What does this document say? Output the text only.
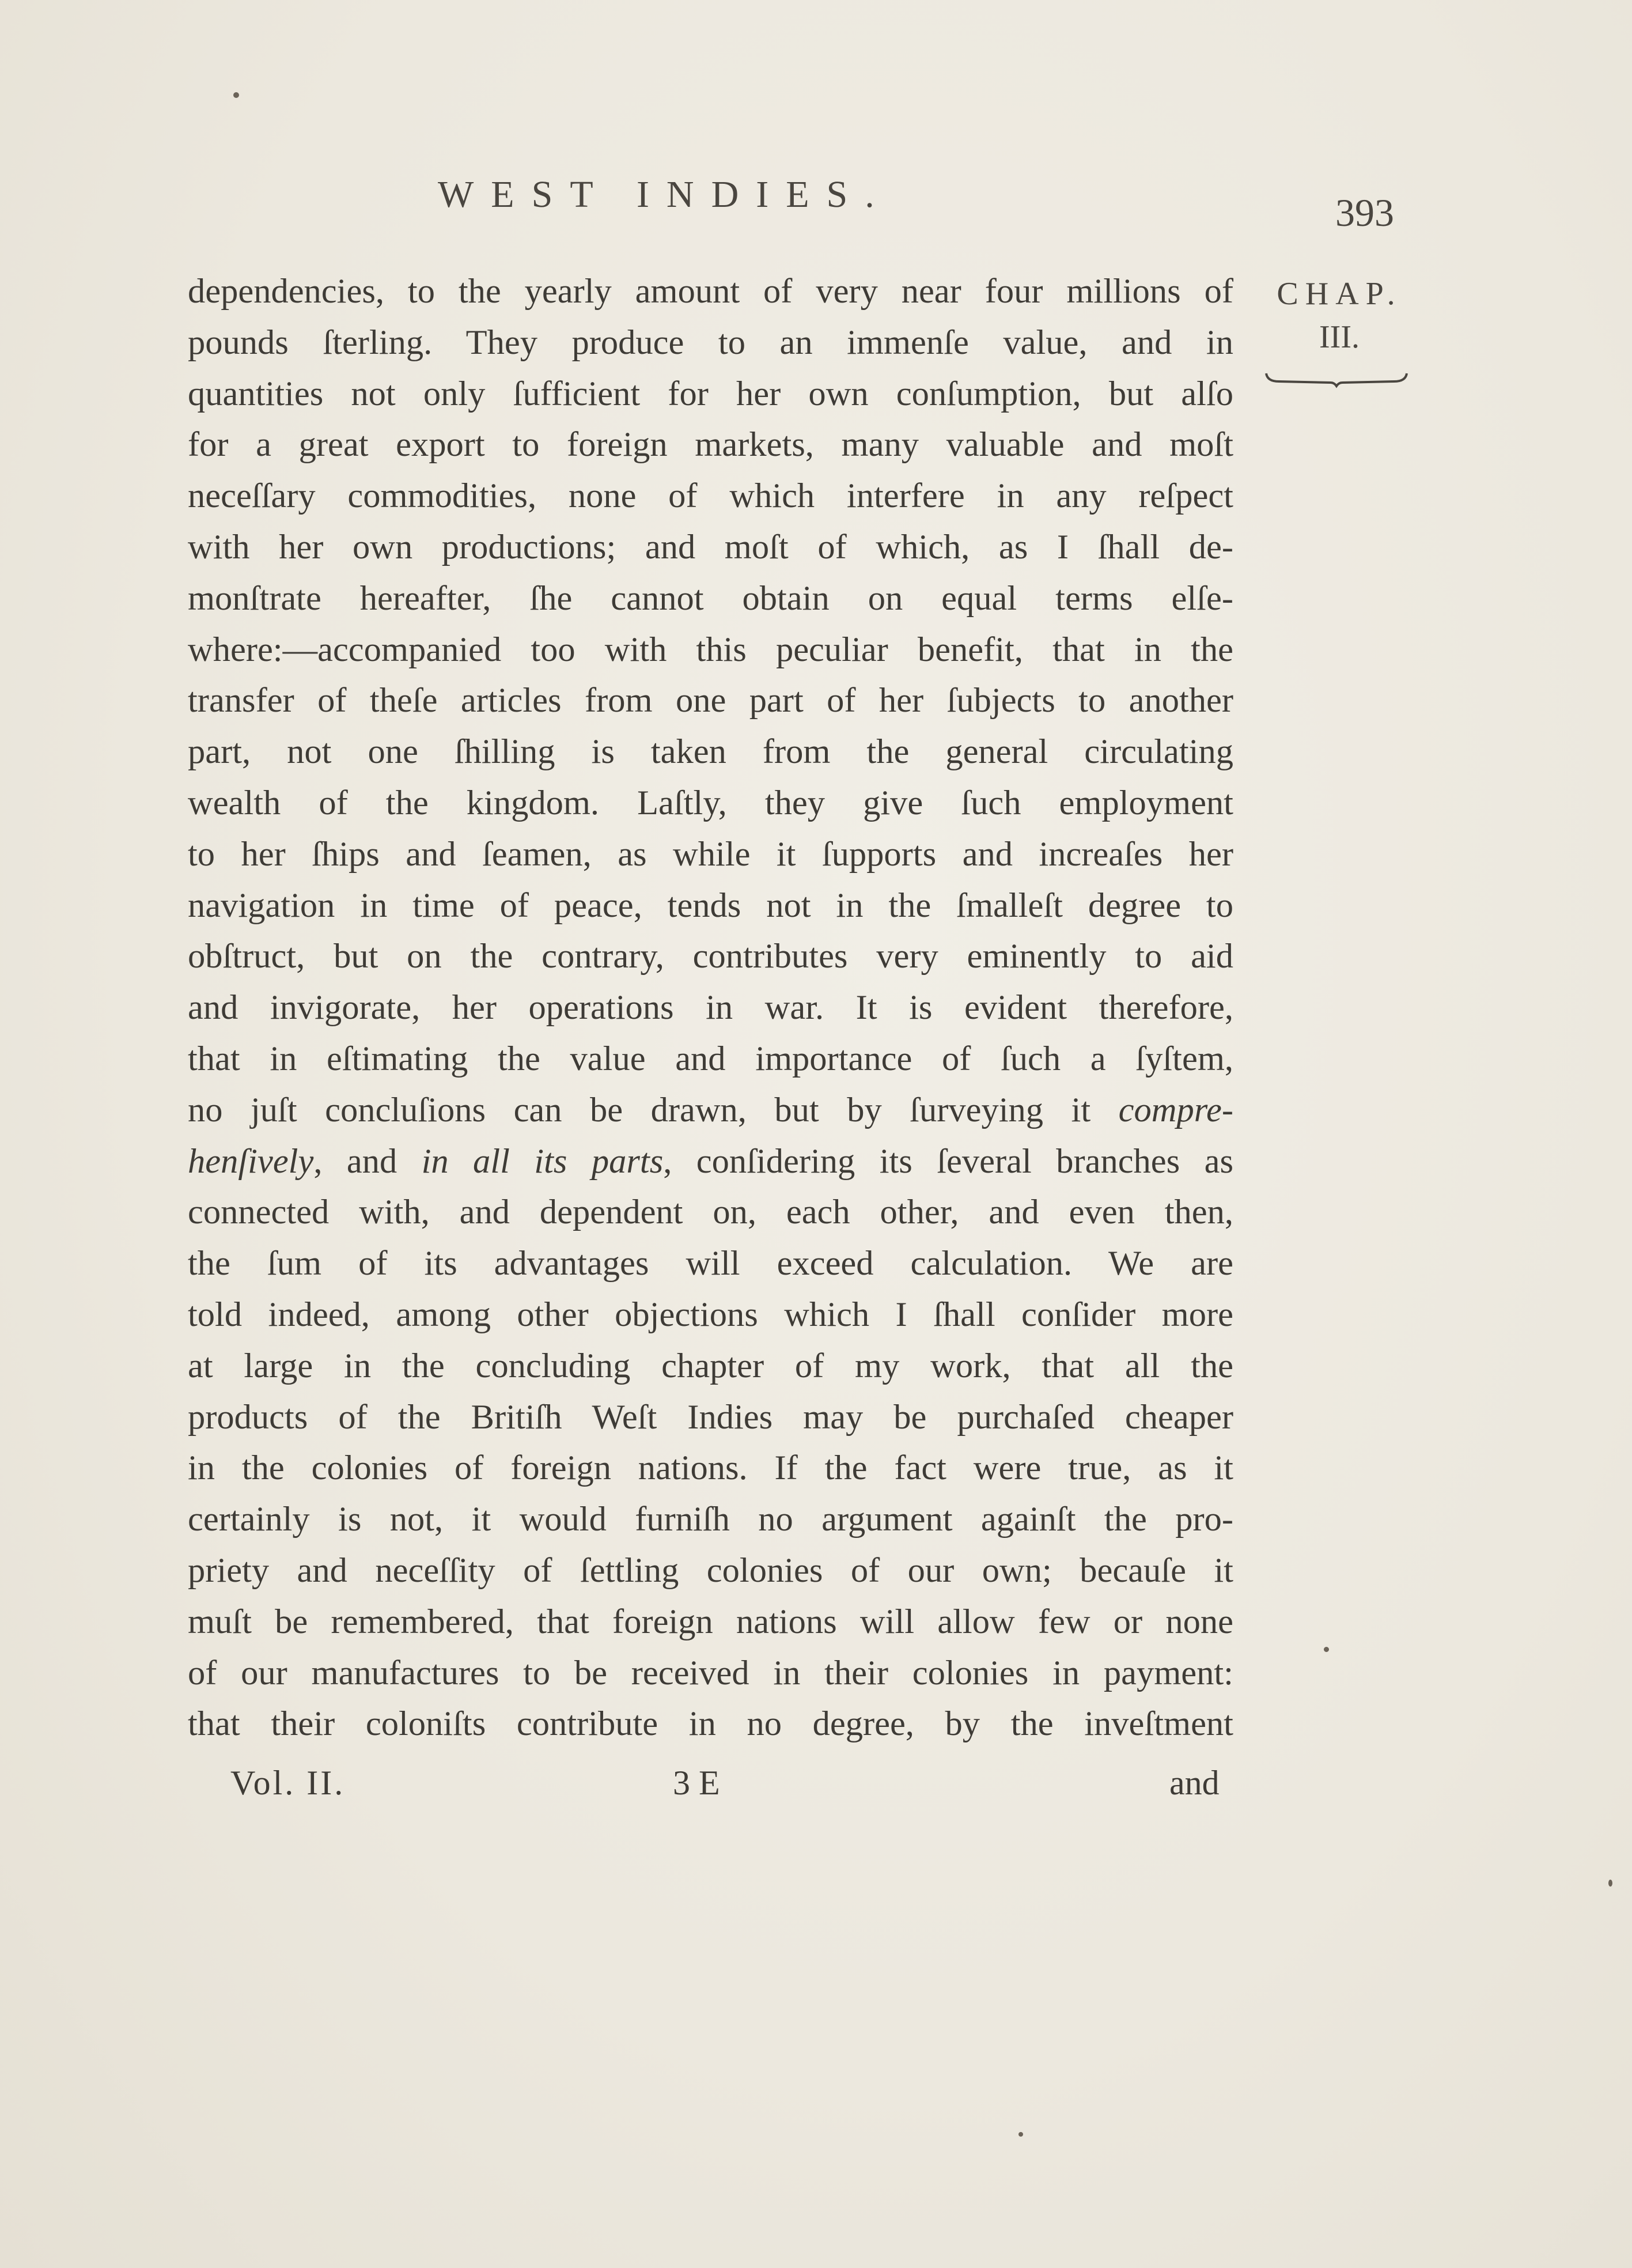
WEST INDIES.	393
CHAP.
III.
dependencies, to the yearly amount of very near four millions of
pounds ſterling. They produce to an immenſe value, and in
quantities not only ſufficient for her own conſumption, but alſo
for a great export to foreign markets, many valuable and moſt
neceſſary commodities, none of which interfere in any reſpect
with her own productions; and moſt of which, as I ſhall de-
monſtrate hereafter, ſhe cannot obtain on equal terms elſe-
where:—accompanied too with this peculiar benefit, that in the
transfer of theſe articles from one part of her ſubjects to another
part, not one ſhilling is taken from the general circulating
wealth of the kingdom. Laſtly, they give ſuch employment
to her ſhips and ſeamen, as while it ſupports and increaſes her
navigation in time of peace, tends not in the ſmalleſt degree to
obſtruct, but on the contrary, contributes very eminently to aid
and invigorate, her operations in war. It is evident therefore,
that in eſtimating the value and importance of ſuch a ſyſtem,
no juſt concluſions can be drawn, but by ſurveying it compre-
henſively, and in all its parts, conſidering its ſeveral branches as
connected with, and dependent on, each other, and even then,
the ſum of its advantages will exceed calculation. We are
told indeed, among other objections which I ſhall conſider more
at large in the concluding chapter of my work, that all the
products of the Britiſh Weſt Indies may be purchaſed cheaper
in the colonies of foreign nations. If the fact were true, as it
certainly is not, it would furniſh no argument againſt the pro-
priety and neceſſity of ſettling colonies of our own; becauſe it
muſt be remembered, that foreign nations will allow few or none
of our manufactures to be received in their colonies in payment:
that their coloniſts contribute in no degree, by the inveſtment
Vol. II.	3 E	and
